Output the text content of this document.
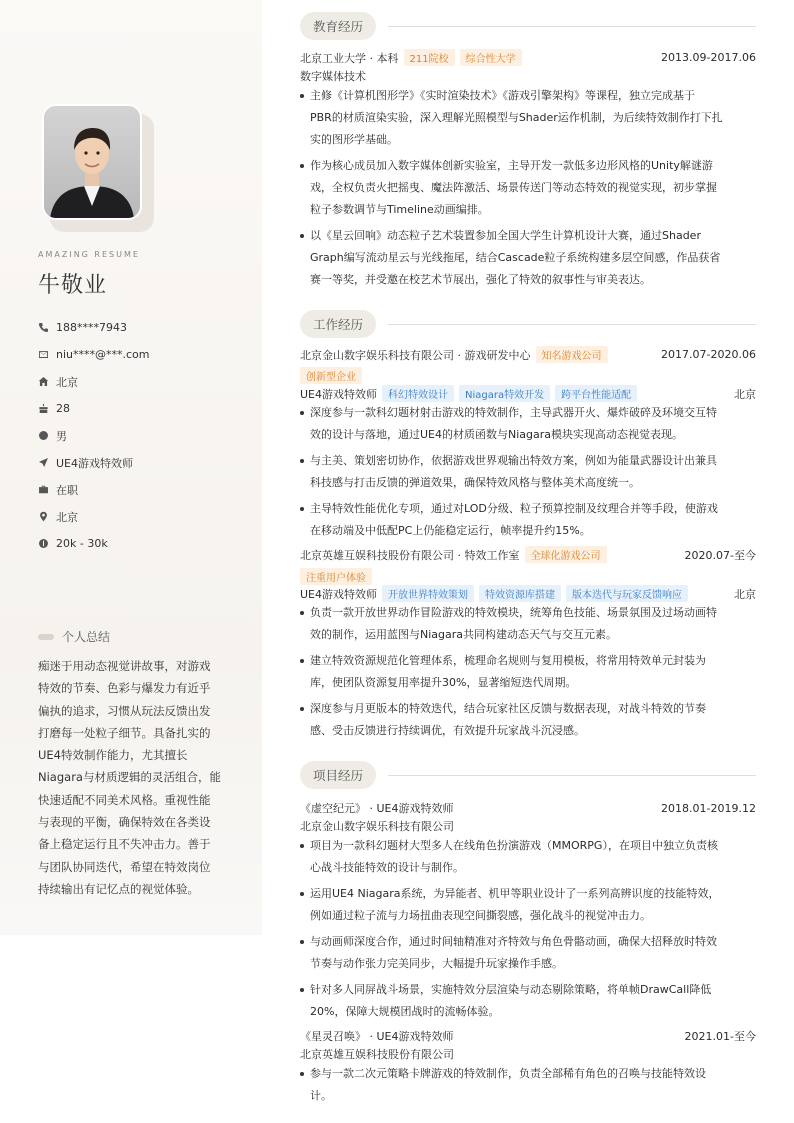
AMAZING RESUME
牛敬业
188****7943
niu****@***.com
北京
28
男
UE4游戏特效师
在职
北京
20k - 30k
个人总结
痴迷于用动态视觉讲故事，对游戏
特效的节奏、色彩与爆发力有近乎
偏执的追求，习惯从玩法反馈出发
打磨每一处粒子细节。具备扎实的
UE4特效制作能力，尤其擅长
Niagara与材质逻辑的灵活组合，能
快速适配不同美术风格。重视性能
与表现的平衡，确保特效在各类设
备上稳定运行且不失冲击力。善于
与团队协同迭代，希望在特效岗位
持续输出有记忆点的视觉体验。
教育经历
北京工业大学 · 本科	211院校	综合性大学	2013.09-2017.06
数字媒体技术
主修《计算机图形学》《实时渲染技术》《游戏引擎架构》等课程，独立完成基于
PBR的材质渲染实验，深入理解光照模型与Shader运作机制，为后续特效制作打下扎
实的图形学基础。
作为核心成员加入数字媒体创新实验室，主导开发一款低多边形风格的Unity解谜游
戏，全权负责火把摇曳、魔法阵激活、场景传送门等动态特效的视觉实现，初步掌握
粒子参数调节与Timeline动画编排。
以《星云回响》动态粒子艺术装置参加全国大学生计算机设计大赛，通过Shader
Graph编写流动星云与光线拖尾，结合Cascade粒子系统构建多层空间感，作品获省
赛一等奖，并受邀在校艺术节展出，强化了特效的叙事性与审美表达。
工作经历
北京金山数字娱乐科技有限公司 · 游戏研发中心	知名游戏公司	2017.07-2020.06
创新型企业
UE4游戏特效师	科幻特效设计	Niagara特效开发	跨平台性能适配	北京
深度参与一款科幻题材射击游戏的特效制作，主导武器开火、爆炸破碎及环境交互特
效的设计与落地，通过UE4的材质函数与Niagara模块实现高动态视觉表现。
与主美、策划密切协作，依据游戏世界观输出特效方案，例如为能量武器设计出兼具
科技感与打击反馈的弹道效果，确保特效风格与整体美术高度统一。
主导特效性能优化专项，通过对LOD分级、粒子预算控制及纹理合并等手段，使游戏
在移动端及中低配PC上仍能稳定运行，帧率提升约15%。
北京英雄互娱科技股份有限公司 · 特效工作室	全球化游戏公司	2020.07-至今
注重用户体验
UE4游戏特效师	开放世界特效策划	特效资源库搭建	版本迭代与玩家反馈响应	北京
负责一款开放世界动作冒险游戏的特效模块，统筹角色技能、场景氛围及过场动画特
效的制作，运用蓝图与Niagara共同构建动态天气与交互元素。
建立特效资源规范化管理体系，梳理命名规则与复用模板，将常用特效单元封装为
库，使团队资源复用率提升30%，显著缩短迭代周期。
深度参与月更版本的特效迭代，结合玩家社区反馈与数据表现，对战斗特效的节奏
感、受击反馈进行持续调优，有效提升玩家战斗沉浸感。
项目经历
《虚空纪元》 · UE4游戏特效师	2018.01-2019.12
北京金山数字娱乐科技有限公司
项目为一款科幻题材大型多人在线角色扮演游戏（MMORPG），在项目中独立负责核
心战斗技能特效的设计与制作。
运用UE4 Niagara系统，为异能者、机甲等职业设计了一系列高辨识度的技能特效，
例如通过粒子流与力场扭曲表现空间撕裂感，强化战斗的视觉冲击力。
与动画师深度合作，通过时间轴精准对齐特效与角色骨骼动画，确保大招释放时特效
节奏与动作张力完美同步，大幅提升玩家操作手感。
针对多人同屏战斗场景，实施特效分层渲染与动态剔除策略，将单帧DrawCall降低
20%，保障大规模团战时的流畅体验。
《星灵召唤》 · UE4游戏特效师	2021.01-至今
北京英雄互娱科技股份有限公司
参与一款二次元策略卡牌游戏的特效制作，负责全部稀有角色的召唤与技能特效设
计。
